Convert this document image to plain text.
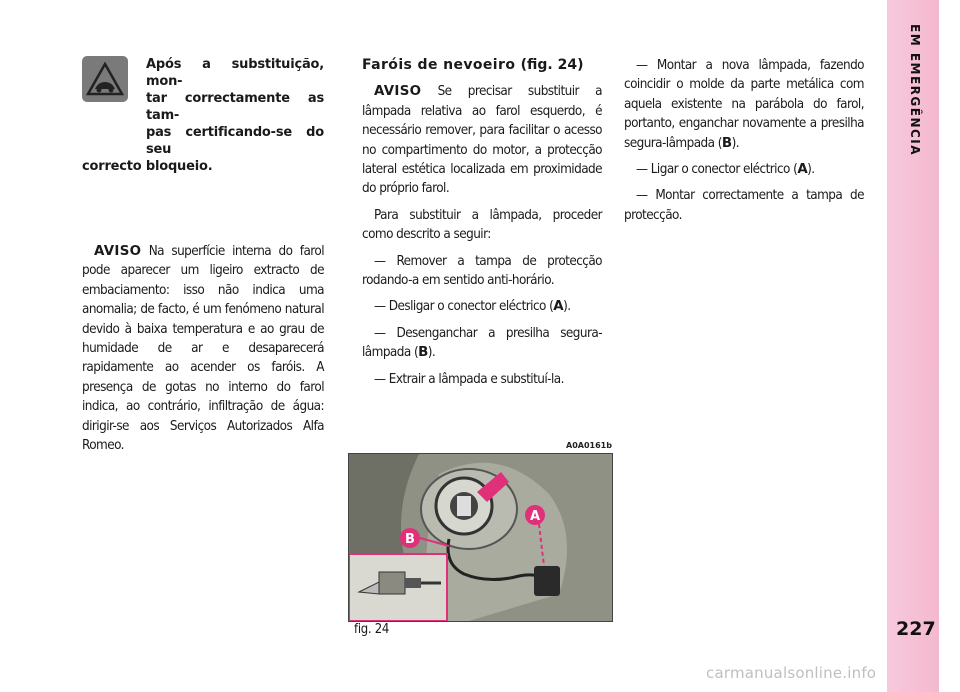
EM EMERGÊNCIA
227

Após a substituição, mon-
tar correctamente as tam-
pas certificando-se do seu
correcto bloqueio.

AVISO Na superfície interna do farol pode aparecer um ligeiro extracto de embaciamento: isso não indica uma anomalia; de facto, é um fenómeno natural devido à baixa temperatura e ao grau de humidade de ar e desaparecerá rapidamente ao acender os faróis. A presença de gotas no interno do farol indica, ao contrário, infiltração de água: dirigir-se aos Serviços Autorizados Alfa Romeo.

Faróis de nevoeiro (fig. 24)

AVISO Se precisar substituir a lâmpada relativa ao farol esquerdo, é necessário remover, para facilitar o acesso no compartimento do motor, a protecção lateral estética localizada em proximidade do próprio farol.

Para substituir a lâmpada, proceder como descrito a seguir:

— Remover a tampa de protecção rodando-a em sentido anti-horário.

— Desligar o conector eléctrico (A).

— Desenganchar a presilha segura-lâmpada (B).

— Extrair a lâmpada e substituí-la.

— Montar a nova lâmpada, fazendo coincidir o molde da parte metálica com aquela existente na parábola do farol, portanto, enganchar novamente a presilha segura-lâmpada (B).

— Ligar o conector eléctrico (A).

— Montar correctamente a tampa de protecção.

A0A0161b
A
B
fig. 24
carmanualsonline.info
